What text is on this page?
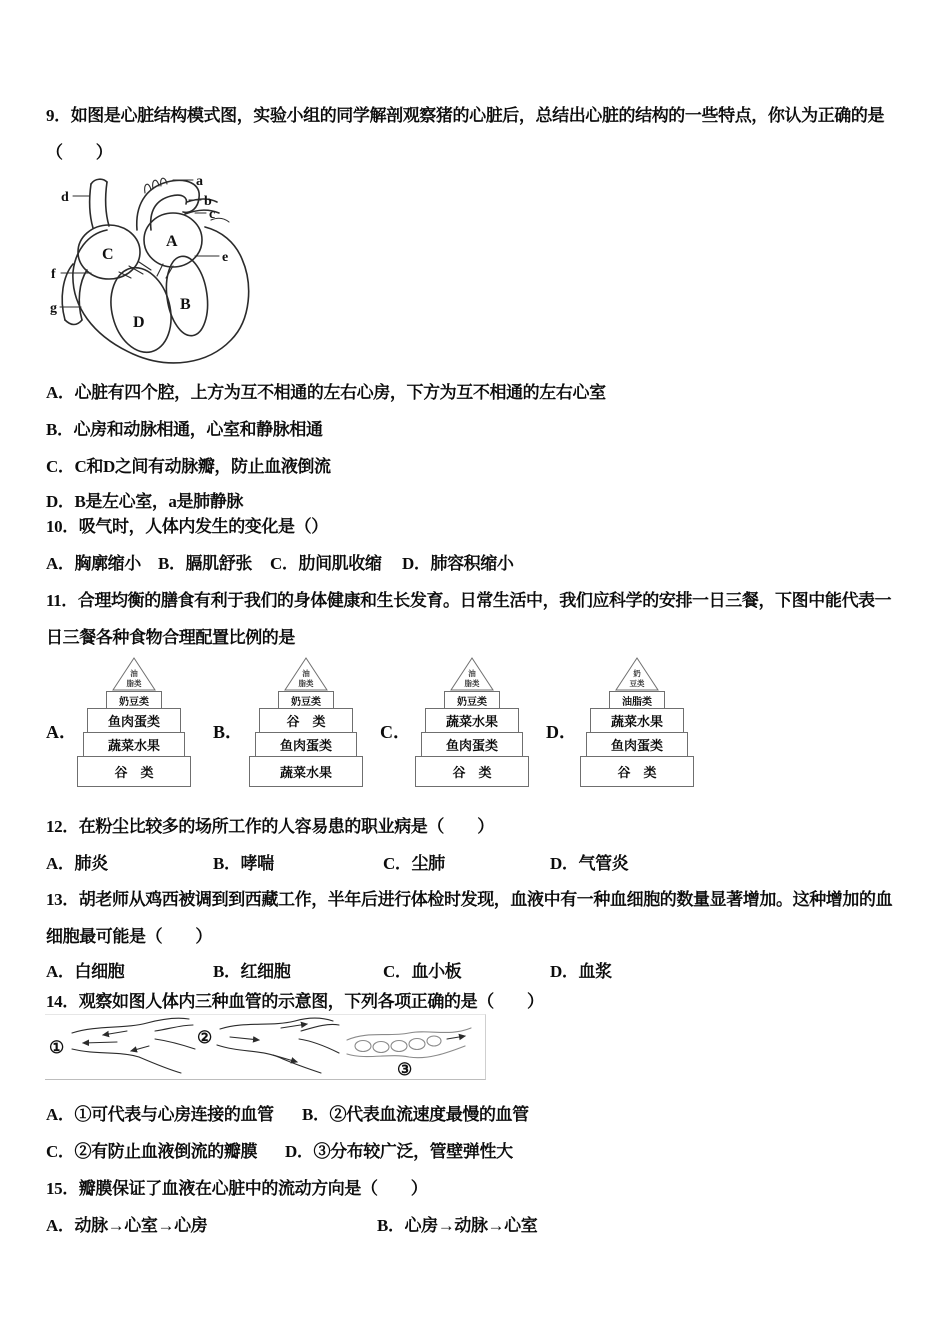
9．如图是心脏结构模式图，实验小组的同学解剖观察猪的心脏后，总结出心脏的结构的一些特点，你认为正确的是
（　　）
a
b
c
d
e
f
g
A
C
B
D
A．心脏有四个腔，上方为互不相通的左右心房，下方为互不相通的左右心室
B．心房和动脉相通，心室和静脉相通
C．C和D之间有动脉瓣，防止血液倒流
D．B是左心室，a是肺静脉
10．吸气时，人体内发生的变化是（）
A．胸廓缩小 B．膈肌舒张 C．肋间肌收缩 D．肺容积缩小
11．合理均衡的膳食有利于我们的身体健康和生长发育。日常生活中，我们应科学的安排一日三餐，下图中能代表一
日三餐各种食物合理配置比例的是
A．	B．	C．	D．
油
脂类
奶豆类
鱼肉蛋类
蔬菜水果
谷　类
油
脂类
奶豆类
谷　类
鱼肉蛋类
蔬菜水果
油
脂类
奶豆类
蔬菜水果
鱼肉蛋类
谷　类
奶
豆类
油脂类
蔬菜水果
鱼肉蛋类
谷　类
12．在粉尘比较多的场所工作的人容易患的职业病是（　　）
A．肺炎	B．哮喘	C．尘肺	D．气管炎
13．胡老师从鸡西被调到到西藏工作，半年后进行体检时发现，血液中有一种血细胞的数量显著增加。这种增加的血
细胞最可能是（　　）
A．白细胞	B．红细胞	C．血小板	D．血浆
14．观察如图人体内三种血管的示意图，下列各项正确的是（　　）
①
②
③
A．①可代表与心房连接的血管 B．②代表血流速度最慢的血管
C．②有防止血液倒流的瓣膜 D．③分布较广泛，管壁弹性大
15．瓣膜保证了血液在心脏中的流动方向是（　　）
A．动脉→心室→心房	B．心房→动脉→心室
